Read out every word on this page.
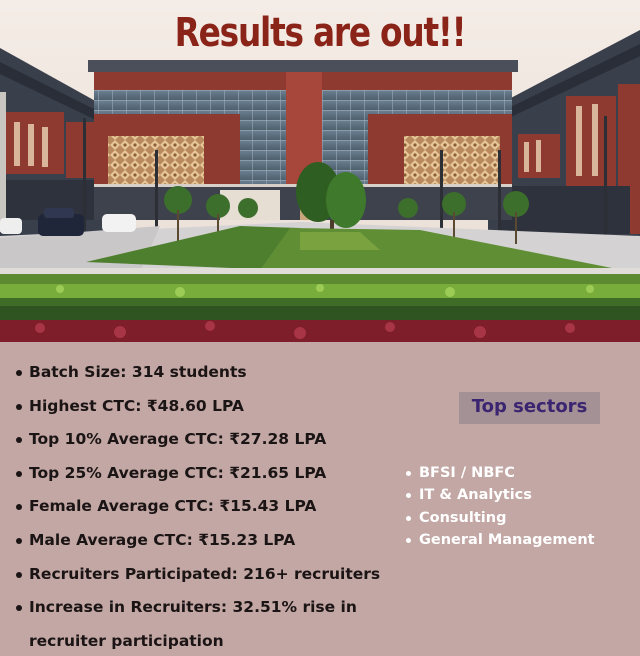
Results are out!!
Batch Size: 314 students
Highest CTC: ₹48.60 LPA
Top 10% Average CTC: ₹27.28 LPA
Top 25% Average CTC: ₹21.65 LPA
Female Average CTC: ₹15.43 LPA
Male Average CTC: ₹15.23 LPA
Recruiters Participated: 216+ recruiters
Increase in Recruiters: 32.51% rise in
recruiter participation
Top sectors
BFSI / NBFC
IT & Analytics
Consulting
General Management
